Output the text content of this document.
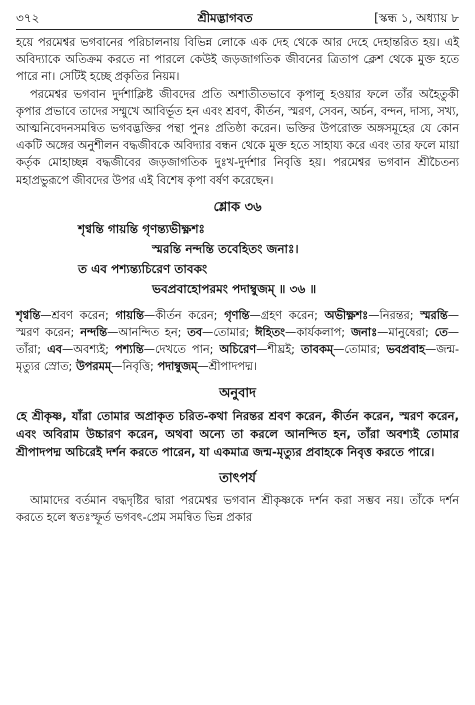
৩৭২	শ্রীমদ্ভাগবত	[স্কন্ধ ১, অধ্যায় ৮

হয়ে পরমেশ্বর ভগবানের পরিচালনায় বিভিন্ন লোকে এক দেহ থেকে আর দেহে দেহান্তরিত হয়। এই অবিদ্যাকে অতিক্রম করতে না পারলে কেউই জড়জাগতিক জীবনের ত্রিতাপ ক্লেশ থেকে মুক্ত হতে পারে না। সেটিই হচ্ছে প্রকৃতির নিয়ম।

পরমেশ্বর ভগবান দুর্দশাক্লিষ্ট জীবদের প্রতি অশাতীতভাবে কৃপালু হওয়ার ফলে তাঁর অহৈতুকী কৃপার প্রভাবে তাদের সম্মুখে আবির্ভূত হন এবং শ্রবণ, কীর্তন, স্মরণ, সেবন, অর্চন, বন্দন, দাস্য, সখ্য, আত্মনিবেদনসমন্বিত ভগবদ্ভক্তির পন্থা পুনঃ প্রতিষ্ঠা করেন। ভক্তির উপরোক্ত অঙ্গসমূহের যে কোন একটি অঙ্গের অনুশীলন বদ্ধজীবকে অবিদ্যার বন্ধন থেকে মুক্ত হতে সাহায্য করে এবং তার ফলে মায়া কর্তৃক মোহাচ্ছন্ন বদ্ধজীবের জড়জাগতিক দুঃখ-দুর্দশার নিবৃত্তি হয়। পরমেশ্বর ভগবান শ্রীচৈতন্য মহাপ্রভুরূপে জীবদের উপর এই বিশেষ কৃপা বর্ষণ করেছেন।

শ্লোক ৩৬
শৃণ্বন্তি গায়ন্তি গৃণন্ত্যভীক্ষ্ণশঃ
স্মরন্তি নন্দন্তি তবেহিতং জনাঃ।
ত এব পশ্যন্ত্যচিরেণ তাবকং
ভবপ্রবাহোপরমং পদাম্বুজম্ ॥ ৩৬ ॥

শৃণ্বন্তি—শ্রবণ করেন; গায়ন্তি—কীর্তন করেন; গৃণন্তি—গ্রহণ করেন; অভীক্ষ্ণশঃ—নিরন্তর; স্মরন্তি—স্মরণ করেন; নন্দন্তি—আনন্দিত হন; তব—তোমার; ঈহিতং—কার্যকলাপ; জনাঃ—মানুষেরা; তে—তাঁরা; এব—অবশ্যই; পশ্যন্তি—দেখতে পান; অচিরেণ—শীঘ্রই; তাবকম্—তোমার; ভবপ্রবাহ—জন্ম-মৃত্যুর স্রোত; উপরমম্—নিবৃত্তি; পদাম্বুজম্—শ্রীপাদপদ্ম।

অনুবাদ

হে শ্রীকৃষ্ণ, যাঁরা তোমার অপ্রাকৃত চরিত-কথা নিরন্তর শ্রবণ করেন, কীর্তন করেন, স্মরণ করেন, এবং অবিরাম উচ্চারণ করেন, অথবা অন্যে তা করলে আনন্দিত হন, তাঁরা অবশ্যই তোমার শ্রীপাদপদ্ম অচিরেই দর্শন করতে পারেন, যা একমাত্র জন্ম-মৃত্যুর প্রবাহকে নিবৃত্ত করতে পারে।

তাৎপর্য

আমাদের বর্তমান বদ্ধদৃষ্টির দ্বারা পরমেশ্বর ভগবান শ্রীকৃষ্ণকে দর্শন করা সম্ভব নয়। তাঁকে দর্শন করতে হলে স্বতঃস্ফূর্ত ভগবৎ-প্রেম সমন্বিত ভিন্ন প্রকার
